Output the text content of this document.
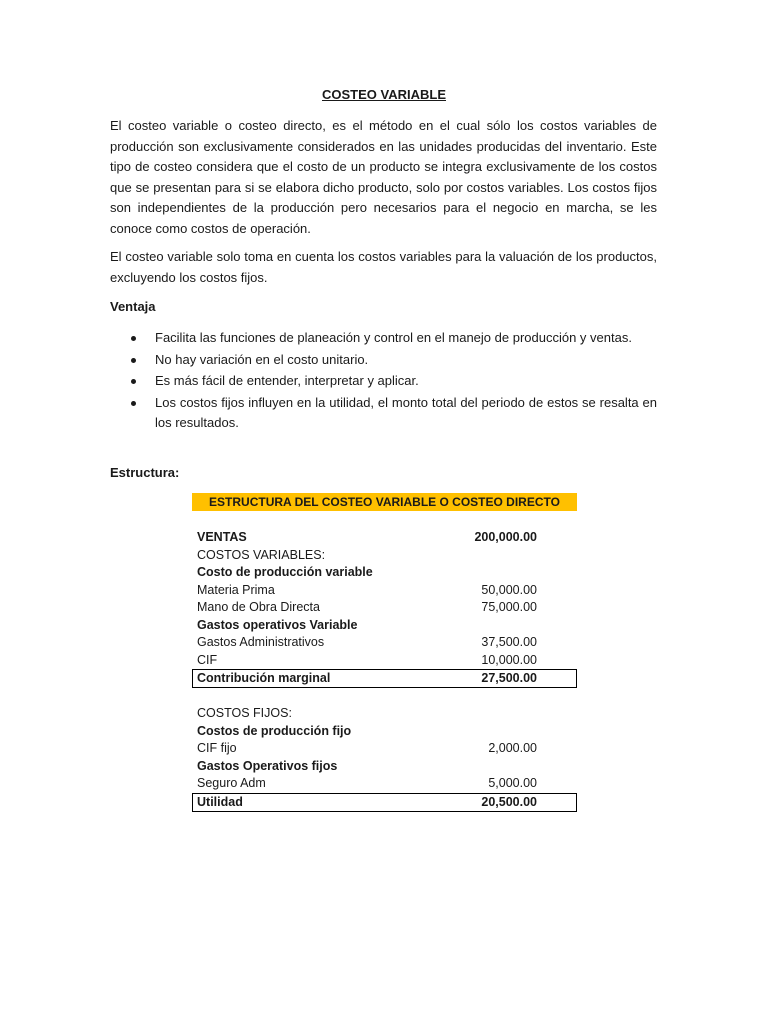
COSTEO VARIABLE

El costeo variable o costeo directo, es el método en el cual sólo los costos variables de producción son exclusivamente considerados en las unidades producidas del inventario. Este tipo de costeo considera que el costo de un producto se integra exclusivamente de los costos que se presentan para si se elabora dicho producto, solo por costos variables. Los costos fijos son independientes de la producción pero necesarios para el negocio en marcha, se les conoce como costos de operación.

El costeo variable solo toma en cuenta los costos variables para la valuación de los productos, excluyendo los costos fijos.

Ventaja

Facilita las funciones de planeación y control en el manejo de producción y ventas.
No hay variación en el costo unitario.
Es más fácil de entender, interpretar y aplicar.
Los costos fijos influyen en la utilidad, el monto total del periodo de estos se resalta en los resultados.

Estructura:

ESTRUCTURA DEL COSTEO VARIABLE O COSTEO DIRECTO
VENTAS	200,000.00
COSTOS VARIABLES:
Costo de producción variable
Materia Prima	50,000.00
Mano de Obra Directa	75,000.00
Gastos operativos Variable
Gastos Administrativos	37,500.00
CIF	10,000.00
Contribución marginal	27,500.00
COSTOS FIJOS:
Costos de producción fijo
CIF fijo	2,000.00
Gastos Operativos fijos
Seguro Adm	5,000.00
Utilidad	20,500.00
